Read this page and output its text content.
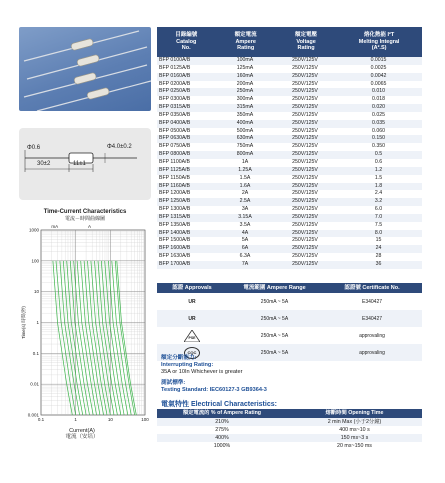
Φ0.6	Φ4.0±0.2
30±2	11±1
Time-Current Characteristics
電流－時間曲線圖
0.1	1	10	100
1000
100
10
1
0.1
0.01
0.001
mA	A
Time(s) 時間(秒)
Current(A)
電流（安培）
目錄編號
Catalog
No.
額定電流
Ampere
Rating
額定電壓
Voltage
Rating
熔化熱能 I²T
Melting Integral
(A².S)
BFP 0100A/B	100mA	250V/125V	0.0015
BFP 0125A/B	125mA	250V/125V	0.0025
BFP 0160A/B	160mA	250V/125V	0.0042
BFP 0200A/B	200mA	250V/125V	0.0065
BFP 0250A/B	250mA	250V/125V	0.010
BFP 0300A/B	300mA	250V/125V	0.018
BFP 0315A/B	315mA	250V/125V	0.020
BFP 0350A/B	350mA	250V/125V	0.025
BFP 0400A/B	400mA	250V/125V	0.035
BFP 0500A/B	500mA	250V/125V	0.060
BFP 0630A/B	630mA	250V/125V	0.150
BFP 0750A/B	750mA	250V/125V	0.350
BFP 0800A/B	800mA	250V/125V	0.5
BFP 1100A/B	1A	250V/125V	0.6
BFP 1125A/B	1.25A	250V/125V	1.2
BFP 1150A/B	1.5A	250V/125V	1.5
BFP 1160A/B	1.6A	250V/125V	1.8
BFP 1200A/B	2A	250V/125V	2.4
BFP 1250A/B	2.5A	250V/125V	3.2
BFP 1300A/B	3A	250V/125V	6.0
BFP 1315A/B	3.15A	250V/125V	7.0
BFP 1350A/B	3.5A	250V/125V	7.5
BFP 1400A/B	4A	250V/125V	8.0
BFP 1500A/B	5A	250V/125V	15
BFP 1600A/B	6A	250V/125V	24
BFP 1630A/B	6.3A	250V/125V	28
BFP 1700A/B	7A	250V/125V	36
認證 Approvals	電流範圍 Ampere Range	認證號 Certificate No.
UR	250mA ~ 5A	E340427
UR	250mA ~ 5A	E340427
PSE	250mA ~ 5A	approvaling
CQC	250mA ~ 5A	approvaling
額定分斷能力:
Interrupting Rating:
35A or 10In Whichever is greater
測試標準:
Testing Standard: IEC60127-3 GB9364-3
電氣特性 Electrical Characteristics:
額定電流的 % of Ampere Rating	熔斷時間 Opening Time
210%	2 min Max (小于2分鐘)
275%	400 ms~10 s
400%	150 ms~3 s
1000%	20 ms~150 ms
